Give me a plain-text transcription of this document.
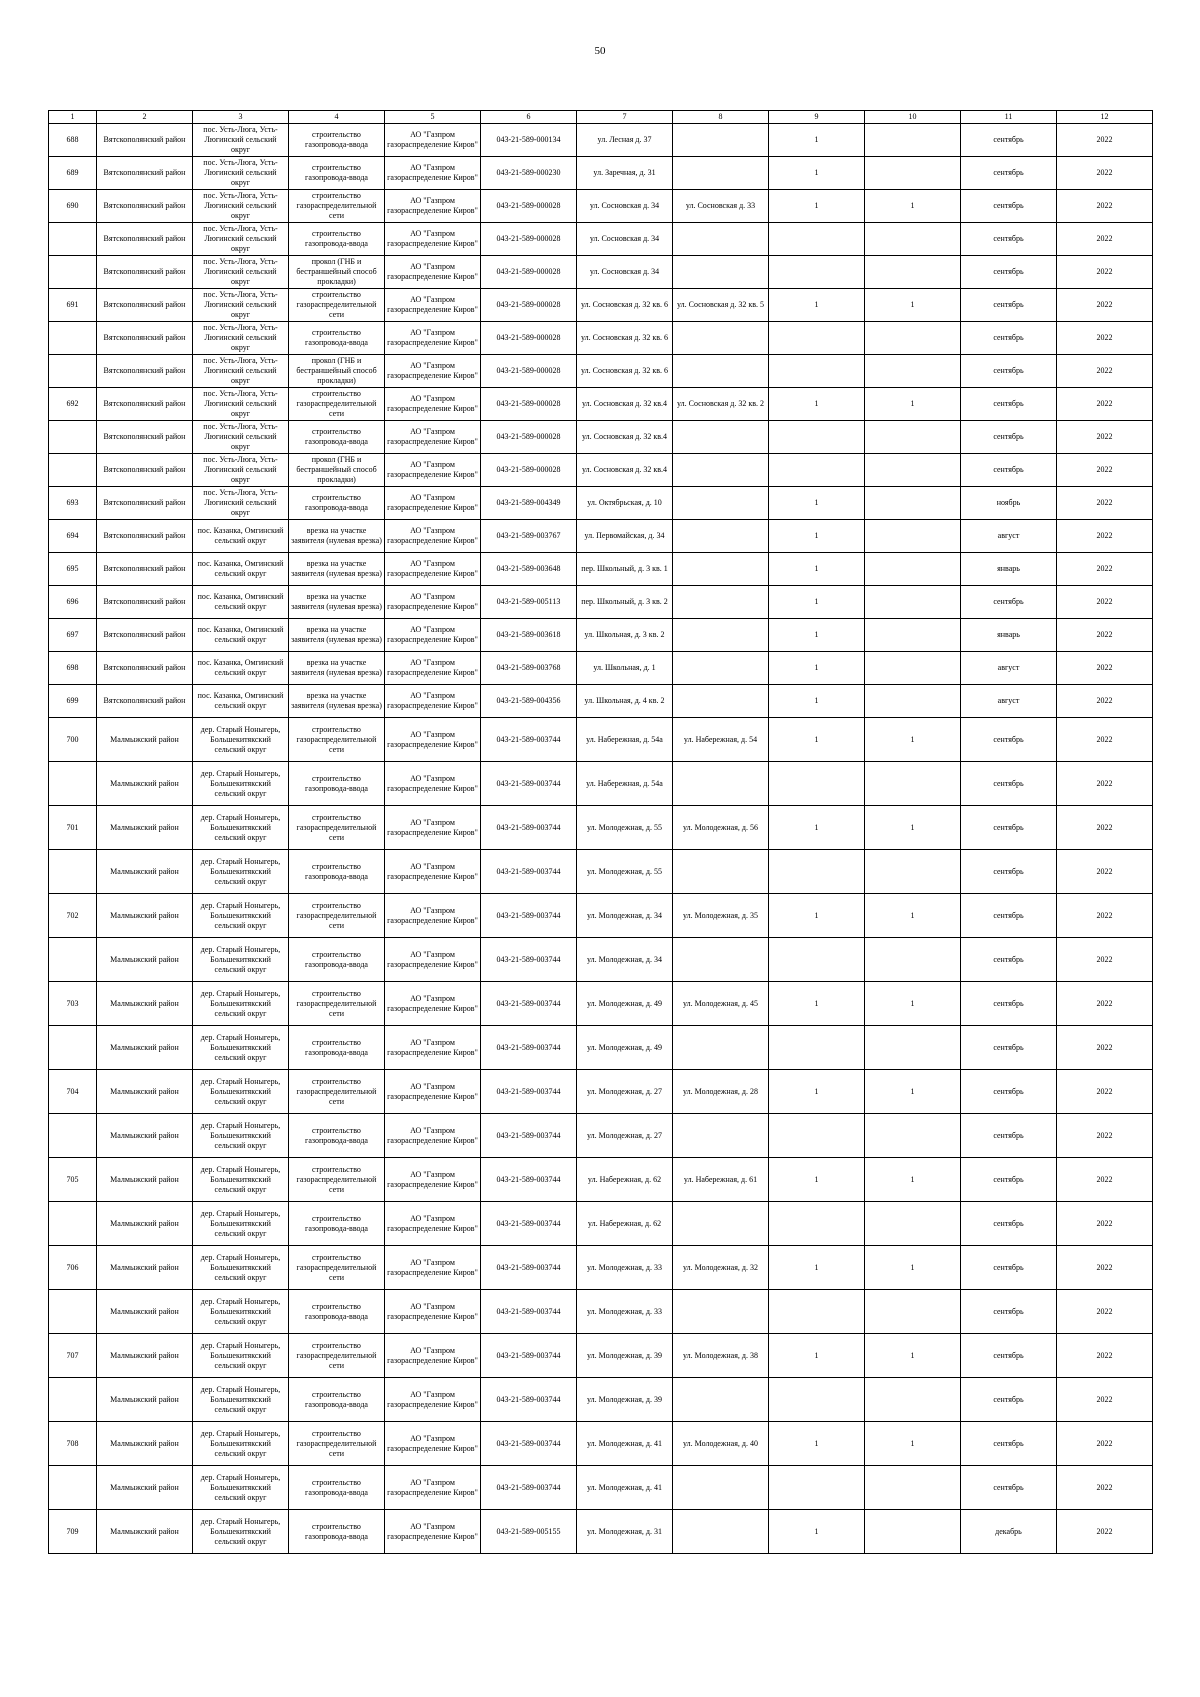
50
1	2	3	4	5	6	7	8	9	10	11	12
688	Вятскополянский район	пос. Усть-Люга, Усть-Люгинский сельский округ	строительство газопровода-ввода	АО "Газпром газораспределение Киров"	043-21-589-000134	ул. Лесная д. 37		1		сентябрь	2022
689	Вятскополянский район	пос. Усть-Люга, Усть-Люгинский сельский округ	строительство газопровода-ввода	АО "Газпром газораспределение Киров"	043-21-589-000230	ул. Заречная, д. 31		1		сентябрь	2022
690	Вятскополянский район	пос. Усть-Люга, Усть-Люгинский сельский округ	строительство газораспределительной сети	АО "Газпром газораспределение Киров"	043-21-589-000028	ул. Сосновская д. 34	ул. Сосновская д. 33	1	1	сентябрь	2022
	Вятскополянский район	пос. Усть-Люга, Усть-Люгинский сельский округ	строительство газопровода-ввода	АО "Газпром газораспределение Киров"	043-21-589-000028	ул. Сосновская д. 34				сентябрь	2022
	Вятскополянский район	пос. Усть-Люга, Усть-Люгинский сельский округ	прокол (ГНБ и бестраншейный способ прокладки)	АО "Газпром газораспределение Киров"	043-21-589-000028	ул. Сосновская д. 34				сентябрь	2022
691	Вятскополянский район	пос. Усть-Люга, Усть-Люгинский сельский округ	строительство газораспределительной сети	АО "Газпром газораспределение Киров"	043-21-589-000028	ул. Сосновская д. 32 кв. 6	ул. Сосновская д. 32 кв. 5	1	1	сентябрь	2022
	Вятскополянский район	пос. Усть-Люга, Усть-Люгинский сельский округ	строительство газопровода-ввода	АО "Газпром газораспределение Киров"	043-21-589-000028	ул. Сосновская д. 32 кв. 6				сентябрь	2022
	Вятскополянский район	пос. Усть-Люга, Усть-Люгинский сельский округ	прокол (ГНБ и бестраншейный способ прокладки)	АО "Газпром газораспределение Киров"	043-21-589-000028	ул. Сосновская д. 32 кв. 6				сентябрь	2022
692	Вятскополянский район	пос. Усть-Люга, Усть-Люгинский сельский округ	строительство газораспределительной сети	АО "Газпром газораспределение Киров"	043-21-589-000028	ул. Сосновская д. 32 кв.4	ул. Сосновская д. 32 кв. 2	1	1	сентябрь	2022
	Вятскополянский район	пос. Усть-Люга, Усть-Люгинский сельский округ	строительство газопровода-ввода	АО "Газпром газораспределение Киров"	043-21-589-000028	ул. Сосновская д. 32 кв.4				сентябрь	2022
	Вятскополянский район	пос. Усть-Люга, Усть-Люгинский сельский округ	прокол (ГНБ и бестраншейный способ прокладки)	АО "Газпром газораспределение Киров"	043-21-589-000028	ул. Сосновская д. 32 кв.4				сентябрь	2022
693	Вятскополянский район	пос. Усть-Люга, Усть-Люгинский сельский округ	строительство газопровода-ввода	АО "Газпром газораспределение Киров"	043-21-589-004349	ул. Октябрьская, д. 10		1		ноябрь	2022
694	Вятскополянский район	пос. Казанка, Омгинский сельский округ	врезка на участке заявителя (нулевая врезка)	АО "Газпром газораспределение Киров"	043-21-589-003767	ул. Первомайская, д. 34		1		август	2022
695	Вятскополянский район	пос. Казанка, Омгинский сельский округ	врезка на участке заявителя (нулевая врезка)	АО "Газпром газораспределение Киров"	043-21-589-003648	пер. Школьный, д. 3 кв. 1		1		январь	2022
696	Вятскополянский район	пос. Казанка, Омгинский сельский округ	врезка на участке заявителя (нулевая врезка)	АО "Газпром газораспределение Киров"	043-21-589-005113	пер. Школьный, д. 3 кв. 2		1		сентябрь	2022
697	Вятскополянский район	пос. Казанка, Омгинский сельский округ	врезка на участке заявителя (нулевая врезка)	АО "Газпром газораспределение Киров"	043-21-589-003618	ул. Школьная, д. 3 кв. 2		1		январь	2022
698	Вятскополянский район	пос. Казанка, Омгинский сельский округ	врезка на участке заявителя (нулевая врезка)	АО "Газпром газораспределение Киров"	043-21-589-003768	ул. Школьная, д. 1		1		август	2022
699	Вятскополянский район	пос. Казанка, Омгинский сельский округ	врезка на участке заявителя (нулевая врезка)	АО "Газпром газораспределение Киров"	043-21-589-004356	ул. Школьная, д. 4 кв. 2		1		август	2022
700	Малмыжский район	дер. Старый Ноныгерь, Большекитякский сельский округ	строительство газораспределительной сети	АО "Газпром газораспределение Киров"	043-21-589-003744	ул. Набережная, д. 54а	ул. Набережная, д. 54	1	1	сентябрь	2022
	Малмыжский район	дер. Старый Ноныгерь, Большекитякский сельский округ	строительство газопровода-ввода	АО "Газпром газораспределение Киров"	043-21-589-003744	ул. Набережная, д. 54а				сентябрь	2022
701	Малмыжский район	дер. Старый Ноныгерь, Большекитякский сельский округ	строительство газораспределительной сети	АО "Газпром газораспределение Киров"	043-21-589-003744	ул. Молодежная, д. 55	ул. Молодежная, д. 56	1	1	сентябрь	2022
	Малмыжский район	дер. Старый Ноныгерь, Большекитякский сельский округ	строительство газопровода-ввода	АО "Газпром газораспределение Киров"	043-21-589-003744	ул. Молодежная, д. 55				сентябрь	2022
702	Малмыжский район	дер. Старый Ноныгерь, Большекитякский сельский округ	строительство газораспределительной сети	АО "Газпром газораспределение Киров"	043-21-589-003744	ул. Молодежная, д. 34	ул. Молодежная, д. 35	1	1	сентябрь	2022
	Малмыжский район	дер. Старый Ноныгерь, Большекитякский сельский округ	строительство газопровода-ввода	АО "Газпром газораспределение Киров"	043-21-589-003744	ул. Молодежная, д. 34				сентябрь	2022
703	Малмыжский район	дер. Старый Ноныгерь, Большекитякский сельский округ	строительство газораспределительной сети	АО "Газпром газораспределение Киров"	043-21-589-003744	ул. Молодежная, д. 49	ул. Молодежная, д. 45	1	1	сентябрь	2022
	Малмыжский район	дер. Старый Ноныгерь, Большекитякский сельский округ	строительство газопровода-ввода	АО "Газпром газораспределение Киров"	043-21-589-003744	ул. Молодежная, д. 49				сентябрь	2022
704	Малмыжский район	дер. Старый Ноныгерь, Большекитякский сельский округ	строительство газораспределительной сети	АО "Газпром газораспределение Киров"	043-21-589-003744	ул. Молодежная, д. 27	ул. Молодежная, д. 28	1	1	сентябрь	2022
	Малмыжский район	дер. Старый Ноныгерь, Большекитякский сельский округ	строительство газопровода-ввода	АО "Газпром газораспределение Киров"	043-21-589-003744	ул. Молодежная, д. 27				сентябрь	2022
705	Малмыжский район	дер. Старый Ноныгерь, Большекитякский сельский округ	строительство газораспределительной сети	АО "Газпром газораспределение Киров"	043-21-589-003744	ул. Набережная, д. 62	ул. Набережная, д. 61	1	1	сентябрь	2022
	Малмыжский район	дер. Старый Ноныгерь, Большекитякский сельский округ	строительство газопровода-ввода	АО "Газпром газораспределение Киров"	043-21-589-003744	ул. Набережная, д. 62				сентябрь	2022
706	Малмыжский район	дер. Старый Ноныгерь, Большекитякский сельский округ	строительство газораспределительной сети	АО "Газпром газораспределение Киров"	043-21-589-003744	ул. Молодежная, д. 33	ул. Молодежная, д. 32	1	1	сентябрь	2022
	Малмыжский район	дер. Старый Ноныгерь, Большекитякский сельский округ	строительство газопровода-ввода	АО "Газпром газораспределение Киров"	043-21-589-003744	ул. Молодежная, д. 33				сентябрь	2022
707	Малмыжский район	дер. Старый Ноныгерь, Большекитякский сельский округ	строительство газораспределительной сети	АО "Газпром газораспределение Киров"	043-21-589-003744	ул. Молодежная, д. 39	ул. Молодежная, д. 38	1	1	сентябрь	2022
	Малмыжский район	дер. Старый Ноныгерь, Большекитякский сельский округ	строительство газопровода-ввода	АО "Газпром газораспределение Киров"	043-21-589-003744	ул. Молодежная, д. 39				сентябрь	2022
708	Малмыжский район	дер. Старый Ноныгерь, Большекитякский сельский округ	строительство газораспределительной сети	АО "Газпром газораспределение Киров"	043-21-589-003744	ул. Молодежная, д. 41	ул. Молодежная, д. 40	1	1	сентябрь	2022
	Малмыжский район	дер. Старый Ноныгерь, Большекитякский сельский округ	строительство газопровода-ввода	АО "Газпром газораспределение Киров"	043-21-589-003744	ул. Молодежная, д. 41				сентябрь	2022
709	Малмыжский район	дер. Старый Ноныгерь, Большекитякский сельский округ	строительство газопровода-ввода	АО "Газпром газораспределение Киров"	043-21-589-005155	ул. Молодежная, д. 31		1		декабрь	2022
